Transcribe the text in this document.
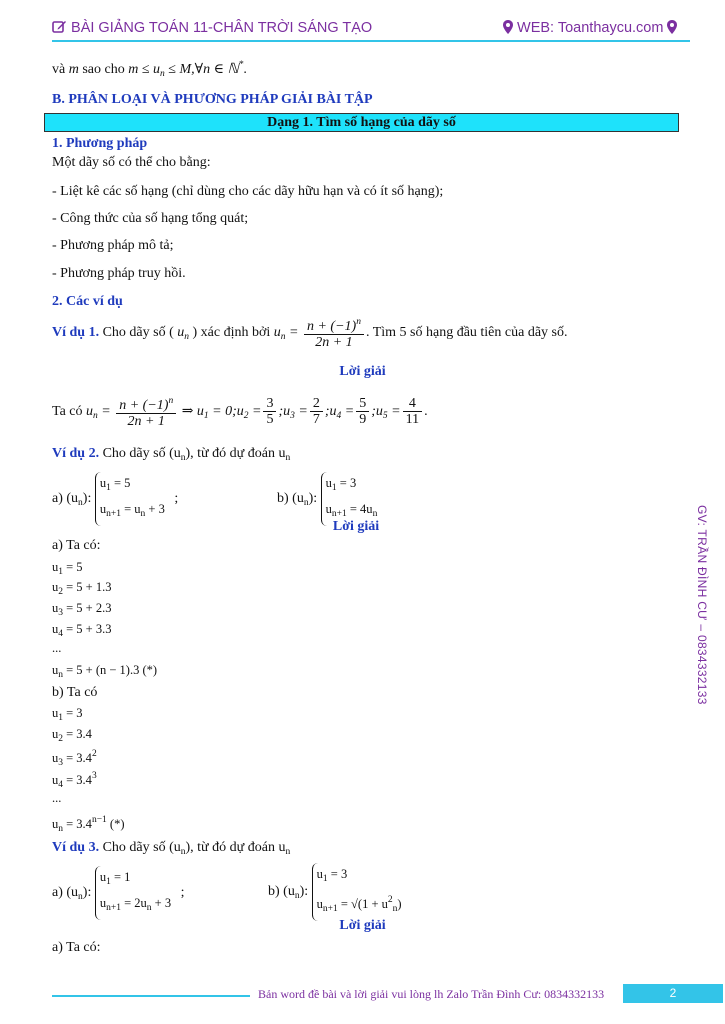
BÀI GIẢNG TOÁN 11-CHÂN TRỜI SÁNG TẠO	WEB: Toanthaycu.com
và m sao cho $m \le u_n$ ≤ M,∀n ∈ ℕ*.
B. PHÂN LOẠI VÀ PHƯƠNG PHÁP GIẢI BÀI TẬP
Dạng 1. Tìm số hạng của dãy số
1. Phương pháp
Một dãy số có thể cho bằng:
- Liệt kê các số hạng (chỉ dùng cho các dãy hữu hạn và có ít số hạng);
- Công thức của số hạng tổng quát;
- Phương pháp mô tả;
- Phương pháp truy hồi.
2. Các ví dụ
Ví dụ 1. Cho dãy số ( $u_n$ ) xác định bởi $u_n = \frac{n + (-1)^n}{2n + 1}$ . Tìm 5 số hạng đầu tiên của dãy số.
Lời giải
Ta có $u_n = \frac{n + (-1)^n}{2n + 1}$ ⇒ $u_1$ = $0;u_2 = \frac{3}{5}$ $;u_3 = \frac{2}{7}$ $;u_4 = \frac{5}{9}$ $;u_5 = \frac{4}{11}$ .
Ví dụ 2. Cho dãy số $(u_n)$, từ đó dự đoán $u_n$
a) $(u_n)$:
$u_1 = 5$
$u_{n+1} = u_n + 3$
;	b) $(u_n)$:
$u_1 = 3$
$u_{n+1} = 4u_n$
Lời giải
a) Ta có:
$u_1 = 5$
$u_2 = 5 + 1.3$
$u_3 = 5 + 2.3$
$u_4 = 5 + 3.3$
...
$u_n = 5 + (n - 1).3$ (*)
b) Ta có
$u_1 = 3$
$u_2 = 3.4$
$u_3 = 3.4^2$
$u_4 = 3.4^3$
...
$u_n = 3.4^{n-1}$ (*)
Ví dụ 3. Cho dãy số $(u_n)$, từ đó dự đoán $u_n$
a) $(u_n)$:
$u_1 = 1$
$u_{n+1} = 2u_n + 3$
;	b) $(u_n)$:
$u_1 = 3$
$u_{n+1} = √(1 + u^2_n)$
Lời giải
a) Ta có:
GV: TRẦN ĐÌNH CƯ – 0834332133
Bản word đề bài và lời giải vui lòng lh Zalo Trần Đình Cư: 0834332133	2
